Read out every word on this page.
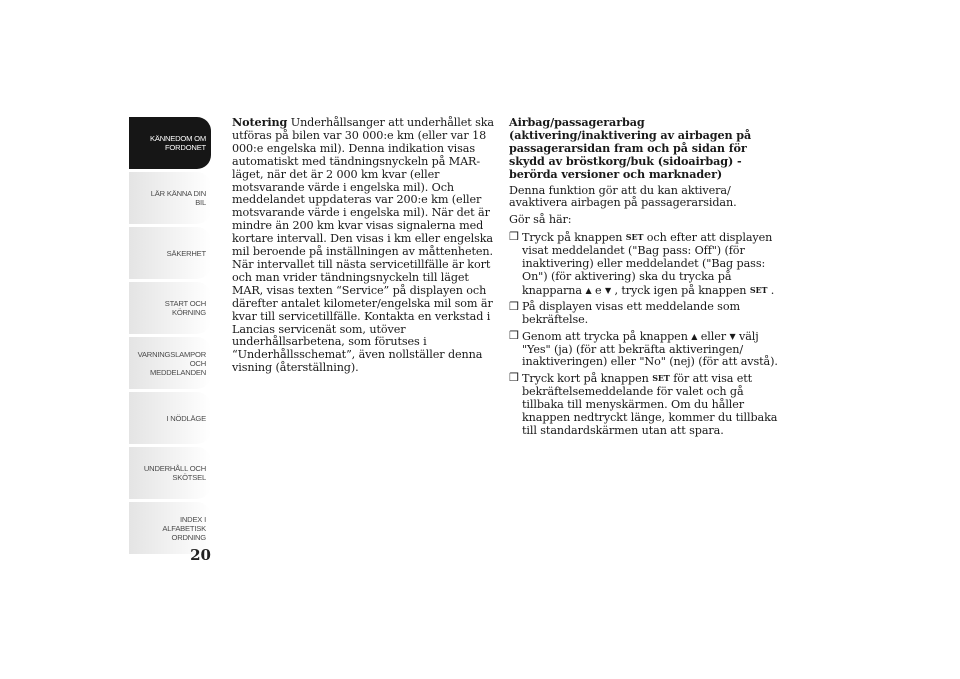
KÄNNEDOM OM
FORDONET
LÄR KÄNNA DIN
BIL
SÄKERHET
START OCH
KÖRNING
VARNINGSLAMPOR
OCH
MEDDELANDEN
I NÖDLÄGE
UNDERHÅLL OCH
SKÖTSEL
INDEX I
ALFABETISK
ORDNING
20

Notering Underhållsanger att underhållet ska utföras på bilen var 30 000:e km (eller var 18 000:e engelska mil). Denna indikation visas automatiskt med tändningsnyckeln på MAR-läget, när det är 2 000 km kvar (eller motsvarande värde i engelska mil). Och meddelandet uppdateras var 200:e km (eller motsvarande värde i engelska mil). När det är mindre än 200 km kvar visas signalerna med kortare intervall. Den visas i km eller engelska mil beroende på inställningen av måttenheten. När intervallet till nästa servicetillfälle är kort och man vrider tändningsnyckeln till läget MAR, visas texten “Service” på displayen och därefter antalet kilometer/engelska mil som är kvar till servicetillfälle. Kontakta en verkstad i Lancias servicenät som, utöver underhållsarbetena, som förutses i “Underhållsschemat”, även nollställer denna visning (återställning).

Airbag/passagerarbag
(aktivering/inaktivering av airbagen på passagerarsidan fram och på sidan för skydd av bröstkorg/buk (sidoairbag) - berörda versioner och marknader)

Denna funktion gör att du kan aktivera/ avaktivera airbagen på passagerarsidan.

Gör så här:

❒ Tryck på knappen SET och efter att displayen visat meddelandet ("Bag pass: Off") (för inaktivering) eller meddelandet ("Bag pass: On") (för aktivering) ska du trycka på knapparna ▲ e ▼ , tryck igen på knappen SET .
❒ På displayen visas ett meddelande som bekräftelse.
❒ Genom att trycka på knappen ▲ eller ▼ välj "Yes" (ja) (för att bekräfta aktiveringen/ inaktiveringen) eller "No" (nej) (för att avstå).
❒ Tryck kort på knappen SET för att visa ett bekräftelsemeddelande för valet och gå tillbaka till menyskärmen. Om du håller knappen nedtryckt länge, kommer du tillbaka till standardskärmen utan att spara.
